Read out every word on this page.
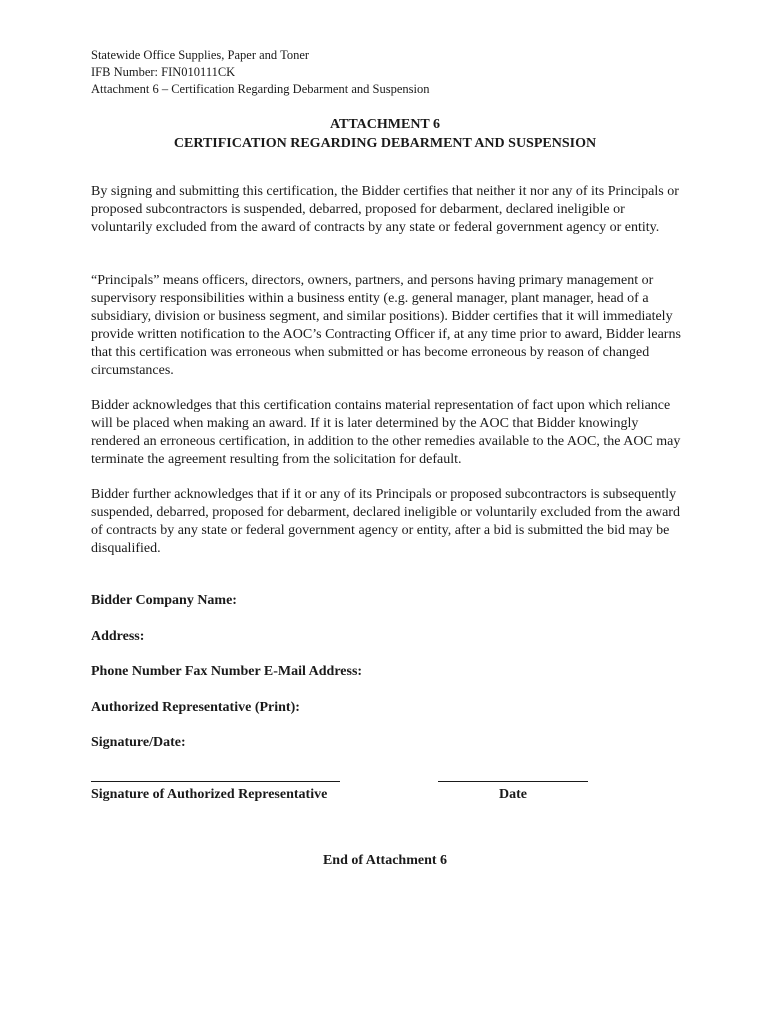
Statewide Office Supplies, Paper and Toner
IFB Number: FIN010111CK
Attachment 6 – Certification Regarding Debarment and Suspension
ATTACHMENT 6
CERTIFICATION REGARDING DEBARMENT AND SUSPENSION

By signing and submitting this certification, the Bidder certifies that neither it nor any of its Principals or proposed subcontractors is suspended, debarred, proposed for debarment, declared ineligible or voluntarily excluded from the award of contracts by any state or federal government agency or entity.

“Principals” means officers, directors, owners, partners, and persons having primary management or supervisory responsibilities within a business entity (e.g. general manager, plant manager, head of a subsidiary, division or business segment, and similar positions). Bidder certifies that it will immediately provide written notification to the AOC’s Contracting Officer if, at any time prior to award, Bidder learns that this certification was erroneous when submitted or has become erroneous by reason of changed circumstances.

Bidder acknowledges that this certification contains material representation of fact upon which reliance will be placed when making an award. If it is later determined by the AOC that Bidder knowingly rendered an erroneous certification, in addition to the other remedies available to the AOC, the AOC may terminate the agreement resulting from the solicitation for default.

Bidder further acknowledges that if it or any of its Principals or proposed subcontractors is subsequently suspended, debarred, proposed for debarment, declared ineligible or voluntarily excluded from the award of contracts by any state or federal government agency or entity, after a bid is submitted the bid may be disqualified.

Bidder Company Name:
Address:
Phone Number Fax Number E-Mail Address:
Authorized Representative (Print):
Signature/Date:
Signature of Authorized Representative	Date
End of Attachment 6
